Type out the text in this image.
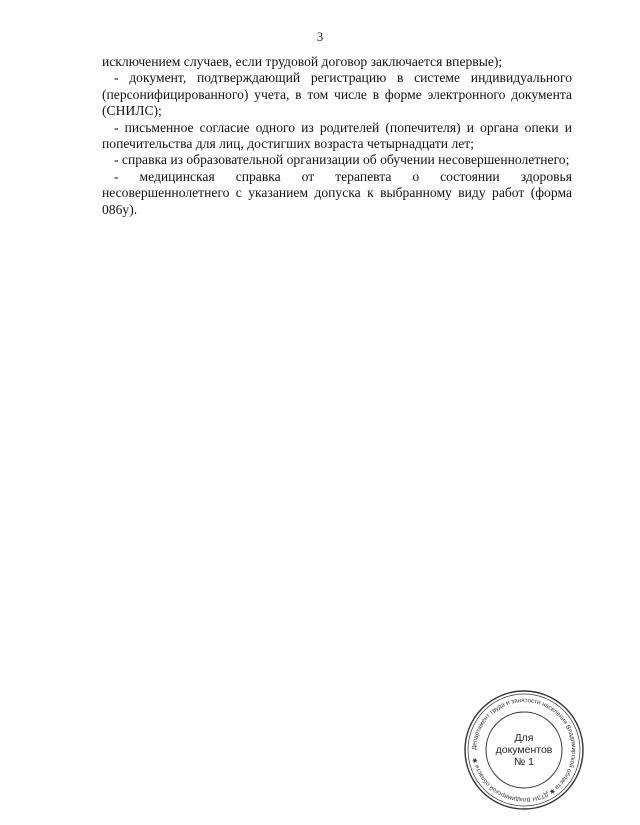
3

исключением случаев, если трудовой договор заключается впервые);

- документ, подтверждающий регистрацию в системе индивидуального (персонифицированного) учета, в том числе в форме электронного документа (СНИЛС);

- письменное согласие одного из родителей (попечителя) и органа опеки и попечительства для лиц, достигших возраста четырнадцати лет;

- справка из образовательной организации об обучении несовершеннолетнего;

- медицинская справка от терапевта о состоянии здоровья несовершеннолетнего с указанием допуска к выбранному виду работ (форма 086у).

Департамент труда и занятости населения Владимирской области ✱ ДТЗН Владимирской области ✱
Для
документов
№ 1
